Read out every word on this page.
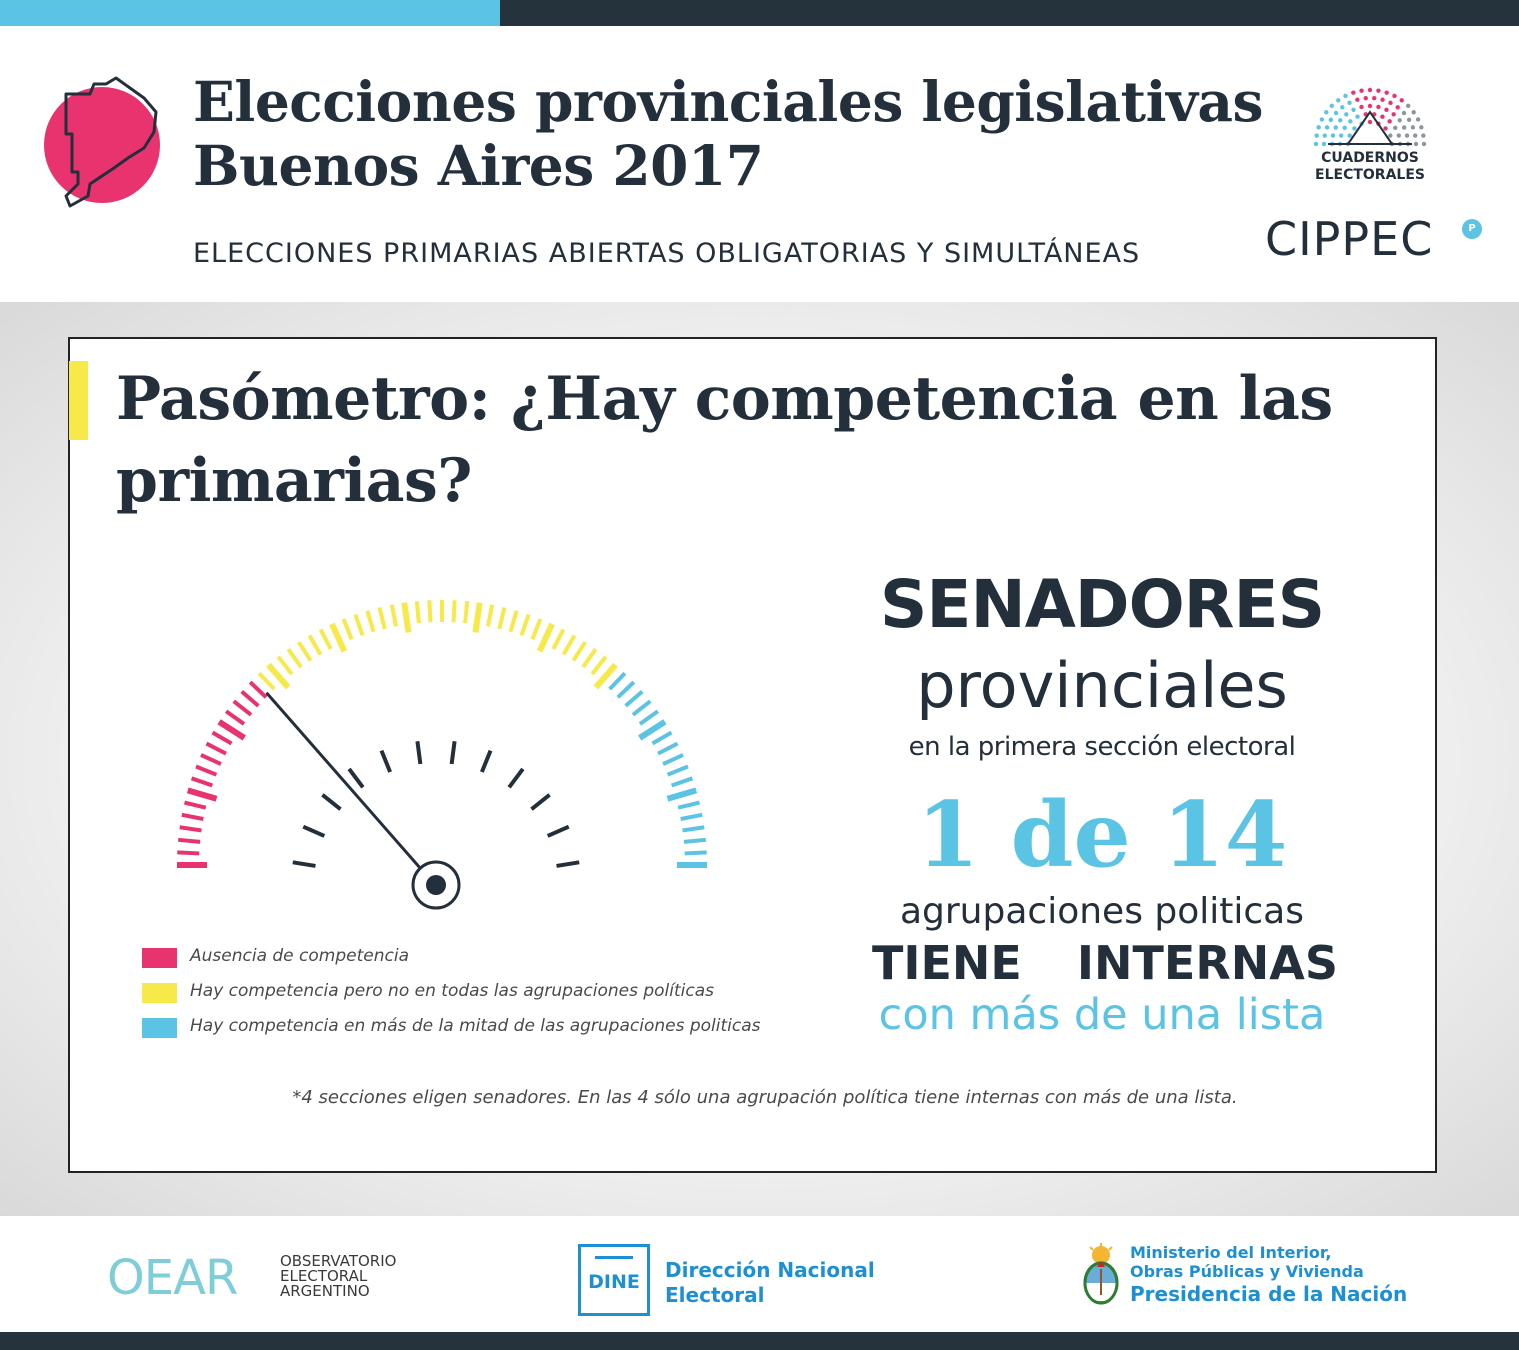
Elecciones provinciales legislativas
Buenos Aires 2017
ELECCIONES PRIMARIAS ABIERTAS OBLIGATORIAS Y SIMULTÁNEAS
CUADERNOS
ELECTORALES
CIPPEC	P
Pasómetro: ¿Hay competencia en las primarias?
Ausencia de competencia
Hay competencia pero no en todas las agrupaciones políticas
Hay competencia en más de la mitad de las agrupaciones politicas
SENADORES
provinciales
en la primera sección electoral
1 de 14
agrupaciones politicas
TIENE INTERNAS
con más de una lista
*4 secciones eligen senadores. En las 4 sólo una agrupación política tiene internas con más de una lista.
OEAR	OBSERVATORIO
ELECTORAL
ARGENTINO	DINE	Dirección Nacional
Electoral
Ministerio del Interior,
Obras Públicas y Vivienda
Presidencia de la Nación
